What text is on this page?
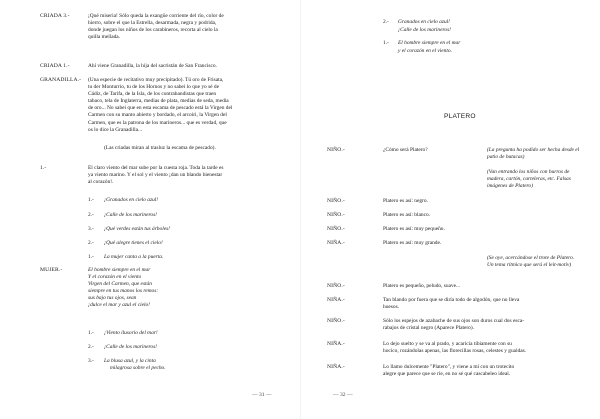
CRIADA 3.-	¡Qué miseria! Sólo queda la exangüe corriente del río, color de
hierro, sobre el que la Estrella, desarmada, negra y podrida,
donde juegan los niños de los carabineros, recorta al cielo la
quilla mellada.
CRIADA 1.-	Ahí viene Granadilla, la hija del sacristán de San Francisco.
GRANADILLA.- (Una especie de recitativo muy precipitado). Tú oro de Frisata,
tu der Monturrio, tu de los Hornos y no sabei lo que yo sé de
Cádiz, de Tarifa, de la Isla, de los contrabandistas que traen
tabaco, tela de Inglaterra, medias de plata, medias de seda, media
de oro... No sabei que en esta escama de pescado está la Virgen del
Carmen con su manto abierto y bordado, el arcoiri, la Virgen del
Carmen, que es la patrona de los marineros... que es verdad, que
os lo dice la Granadilla...
(Las criadas miran al trasluz la escama de pescado).
1.-	El claro viento del mar sube por la cuesta roja. Toda la tarde es
ya viento marino. Y el sol y el viento ¡dan un blando bienestar
al corazón!.
1.- ¡Granados en cielo azul!
2.- ¡Calle de los marineros!
3.- ¡Qué verdes están tus árboles!
2.- ¡Qué alegre tienes el cielo!
1.- La mujer canta a la puerta.
MUJER.-	El hombre siempre en el mar
Y el corazón en el viento
Virgen del Carmen, que están
siempre en tus manos los remos:
sus bajo tus ojos, sean
¡dulce el mar y azul el cielo!
1.- ¡Viento ilusorio del mar!
2.- ¡Calle de los marineros!
3.- La blusa azul, y la cinta
milagrosa sobre el pecho.
— 31 —
2.- Granados en cielo azul!
¡Calle de los marineros!
1.- El hombre siempre en el mar
y el corazón en el viento.
PLATERO
NIÑO.-	¿Cómo será Platero?	(La pregunta ha podido ser hecha desde el
patio de butacas)
(Van entrando los niños con burros de
madera, cartón, carteleras, etc. Falsas
imágenes de Platero)
NIÑO.-	Platero es así: negro.
NIÑO.-	Platero es así: blanco.
NIÑO.-	Platero es así: muy pequeño.
NIÑA.-	Platero es así: muy grande.
(Se oye, acercándose el trote de Platero.
Un tema rítmico que será el leit-motiv)
NIÑO.-	Platero es pequeño, peludo, suave...
NIÑA.-	Tan blando por fuera que se diría todo de algodón, que no lleva
huesos.
NIÑO.-	Sólo los espejos de azabache de sus ojos son duros cual dos esca-
rabajos de cristal negro (Aparece Platero).
NIÑA.-	Lo dejo suelto y se va al prado, y acaricia tibiamente con su
hocico, rozándolas apenas, las florecillas rosas, celestes y gualdas.
NIÑA.-	Lo llamo dulcemente "Platero", y viene a mí con un trotecito
alegre que parece que se ríe, en no sé qué cascabeleo ideal.
— 32 —
